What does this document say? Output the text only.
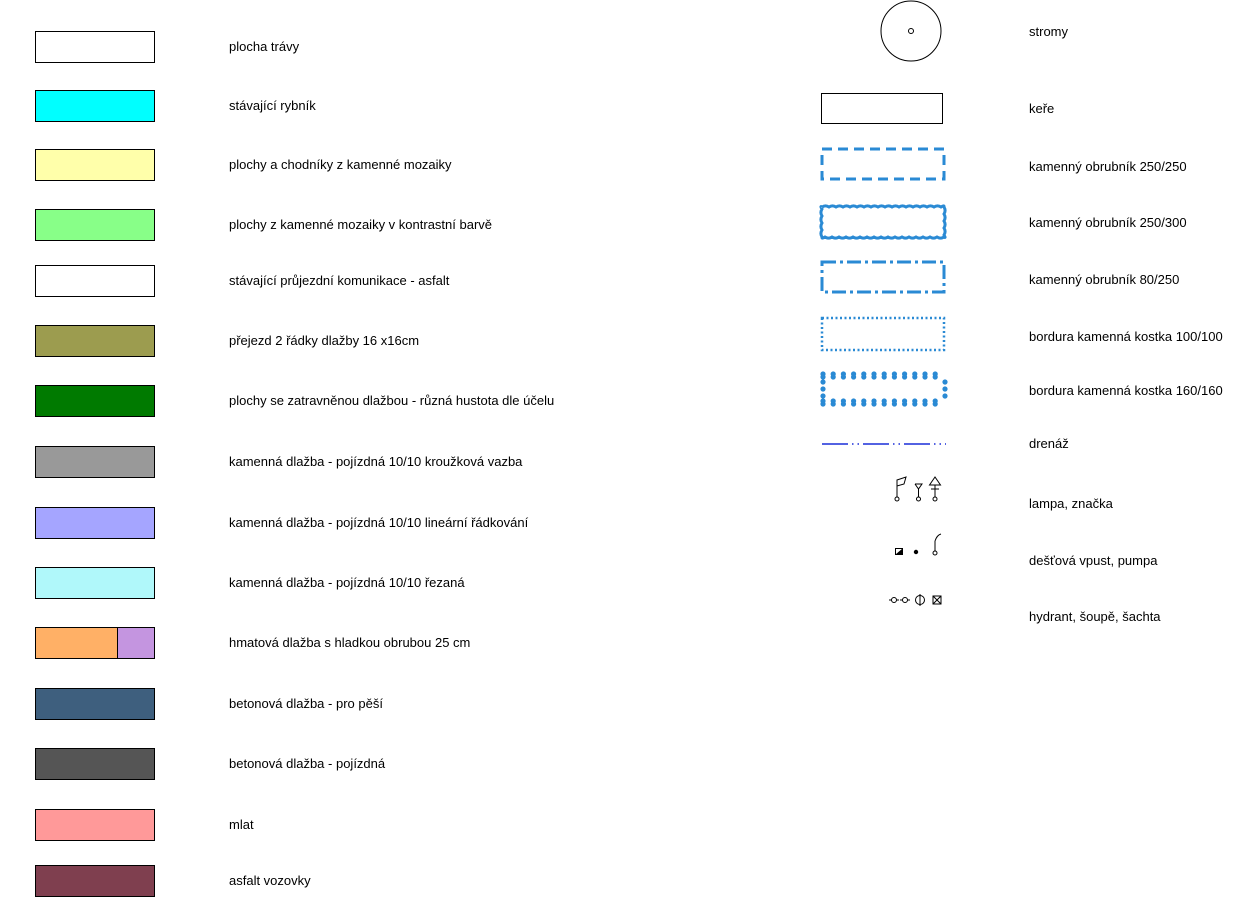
plocha trávy
stávající rybník
plochy a chodníky z kamenné mozaiky
plochy z kamenné mozaiky v kontrastní barvě
stávající průjezdní komunikace - asfalt
přejezd 2 řádky dlažby 16 x16cm
plochy se zatravněnou dlažbou - různá hustota dle účelu
kamenná dlažba - pojízdná 10/10 kroužková vazba
kamenná dlažba - pojízdná 10/10 lineární řádkování
kamenná dlažba - pojízdná 10/10 řezaná
hmatová dlažba s hladkou obrubou 25 cm
betonová dlažba - pro pěší
betonová dlažba - pojízdná
mlat
asfalt vozovky
stromy
keře
kamenný obrubník 250/250
kamenný obrubník 250/300
kamenný obrubník 80/250
bordura kamenná kostka 100/100
bordura kamenná kostka 160/160
drenáž
lampa, značka
dešťová vpust, pumpa
hydrant, šoupě, šachta
